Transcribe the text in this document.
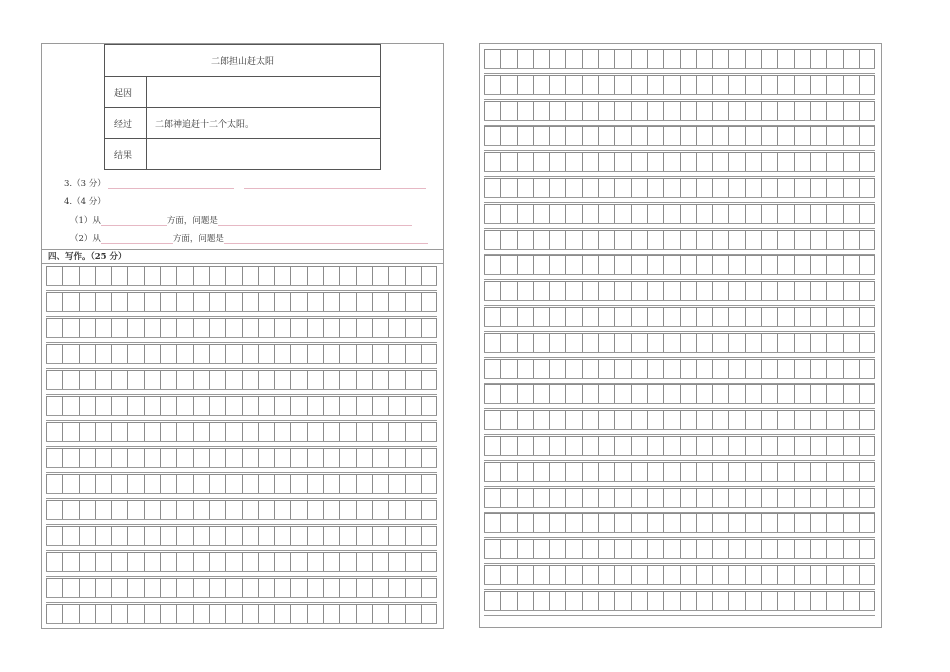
二郎担山赶太阳	
起因	
经过	二郎神追赶十二个太阳。
结果	
3.（3 分）
4.（4 分）
（1）从	方面，问题是
（2）从	方面，问题是
四、写作。（25 分）
